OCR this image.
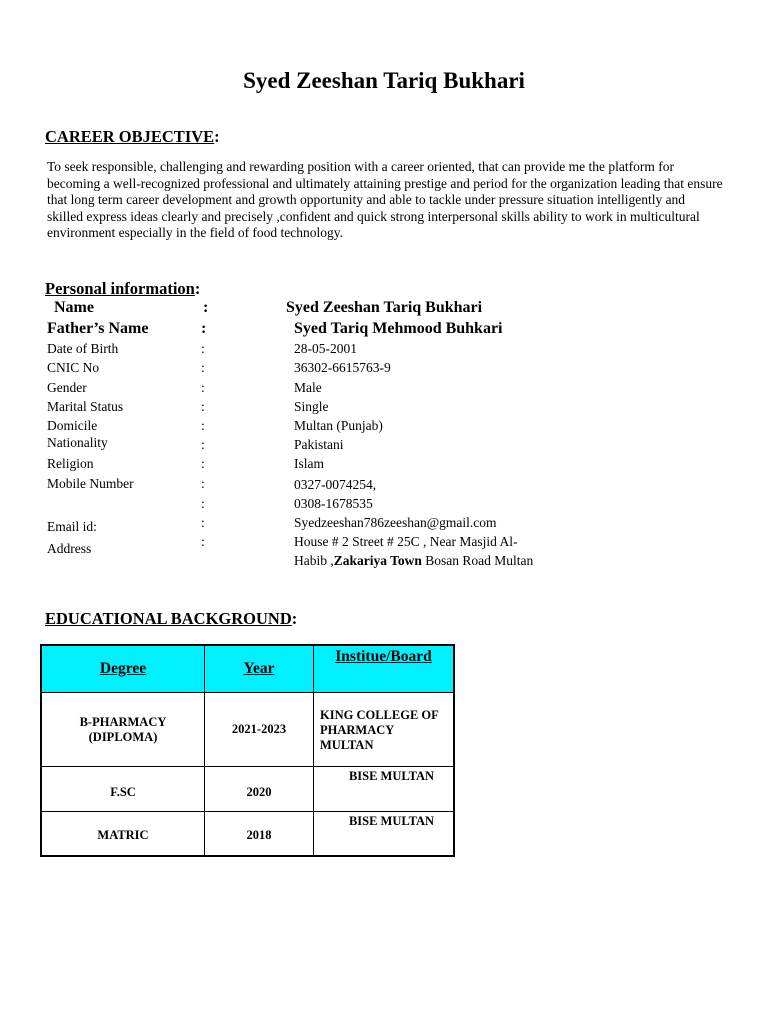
Syed Zeeshan Tariq Bukhari
CAREER OBJECTIVE:
To seek responsible, challenging and rewarding position with a career oriented, that can provide me the platform for becoming a well-recognized professional and ultimately attaining prestige and period for the organization leading that ensure that long term career development and growth opportunity and able to tackle under pressure situation intelligently and skilled express ideas clearly and precisely ,confident and quick strong interpersonal skills ability to work in multicultural environment especially in the field of food technology.
Personal information:
Name	:	Syed Zeeshan Tariq Bukhari
Father’s Name	:	Syed Tariq Mehmood Buhkari
Date of Birth	:	28-05-2001
CNIC No	:	36302-6615763-9
Gender	:	Male
Marital Status	:	Single
Domicile	:	Multan (Punjab)
Nationality	:	Pakistani
Religion	:	Islam
Mobile Number	:	0327-0074254,
:	0308-1678535
Email id:	:	Syedzeeshan786zeeshan@gmail.com
Address	:	House # 2 Street # 25C , Near Masjid Al-
Habib ,Zakariya Town Bosan Road Multan
EDUCATIONAL BACKGROUND:
Degree	Year	Institue/Board

B-PHARMACY
(DIPLOMA)	2021-2023	KING COLLEGE OF PHARMACY MULTAN
F.SC	2020	BISE MULTAN
MATRIC	2018	BISE MULTAN
